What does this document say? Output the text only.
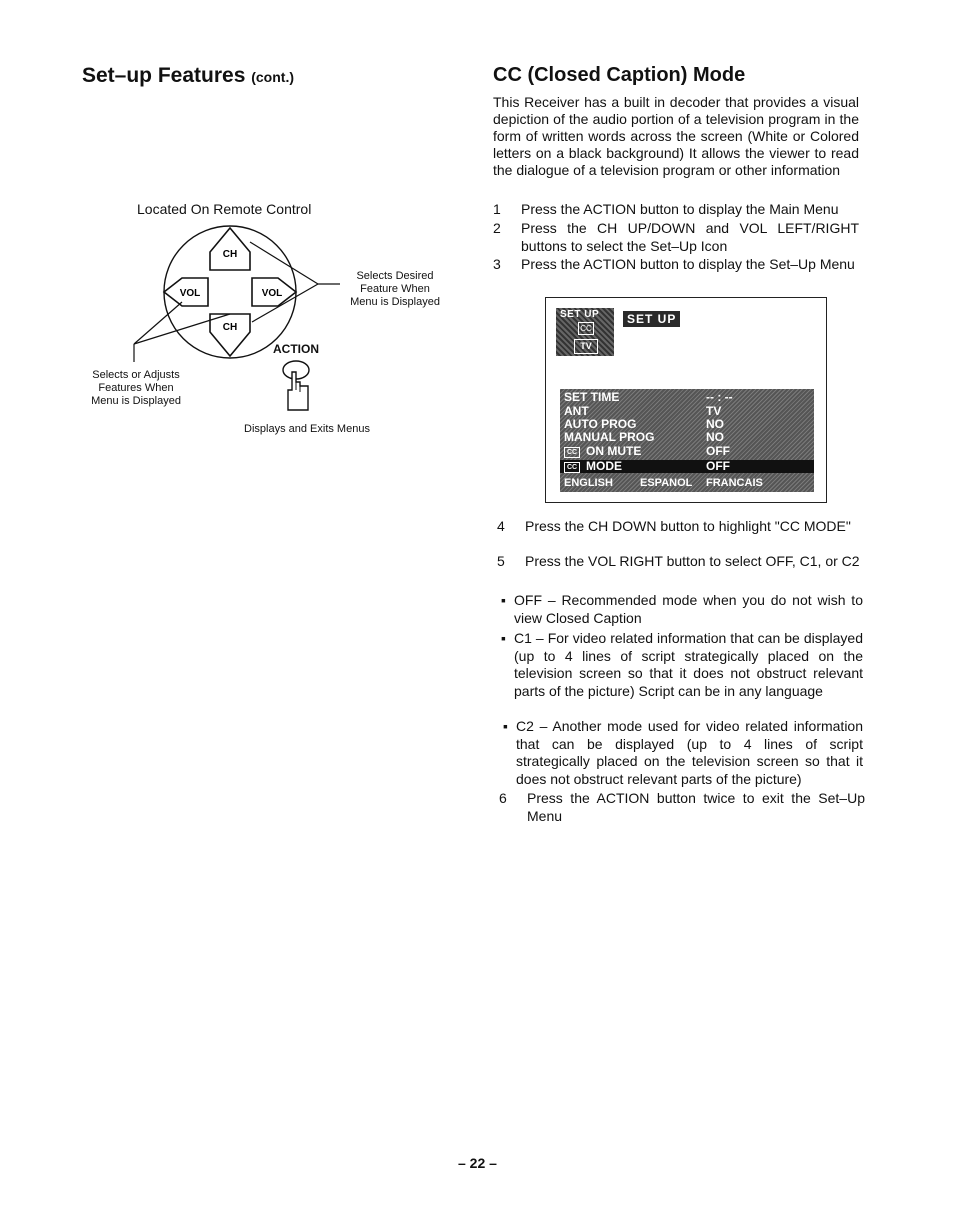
Set–up Features (cont.)
Located On Remote Control
CH
VOL	VOL
CH
Selects Desired
Feature When
Menu is Displayed
ACTION
Selects or Adjusts
Features When
Menu is Displayed
Displays and Exits Menus
CC (Closed Caption) Mode
This Receiver has a built in decoder that provides a visual depiction of the audio portion of a television program in the form of written words across the screen (White or Colored letters on a black background) It allows the viewer to read the dialogue of a television program or other information
1 Press the ACTION button to display the Main Menu
2 Press the CH UP/DOWN and VOL LEFT/RIGHT buttons to select the Set–Up Icon
3 Press the ACTION button to display the Set–Up Menu
SET UP
CC
TV
SET UP
SET TIME	-- : --
ANT	TV
AUTO PROG	NO
MANUAL PROG	NO
CC ON MUTE	OFF
CC MODE	OFF
ENGLISH ESPANOL FRANCAIS
4 Press the CH DOWN button to highlight "CC MODE"
5 Press the VOL RIGHT button to select OFF, C1, or C2
▪ OFF – Recommended mode when you do not wish to view Closed Caption
▪ C1 – For video related information that can be displayed (up to 4 lines of script strategically placed on the television screen so that it does not obstruct relevant parts of the picture) Script can be in any language
▪ C2 – Another mode used for video related information that can be displayed (up to 4 lines of script strategically placed on the television screen so that it does not obstruct relevant parts of the picture)
6 Press the ACTION button twice to exit the Set–Up Menu
– 22 –
